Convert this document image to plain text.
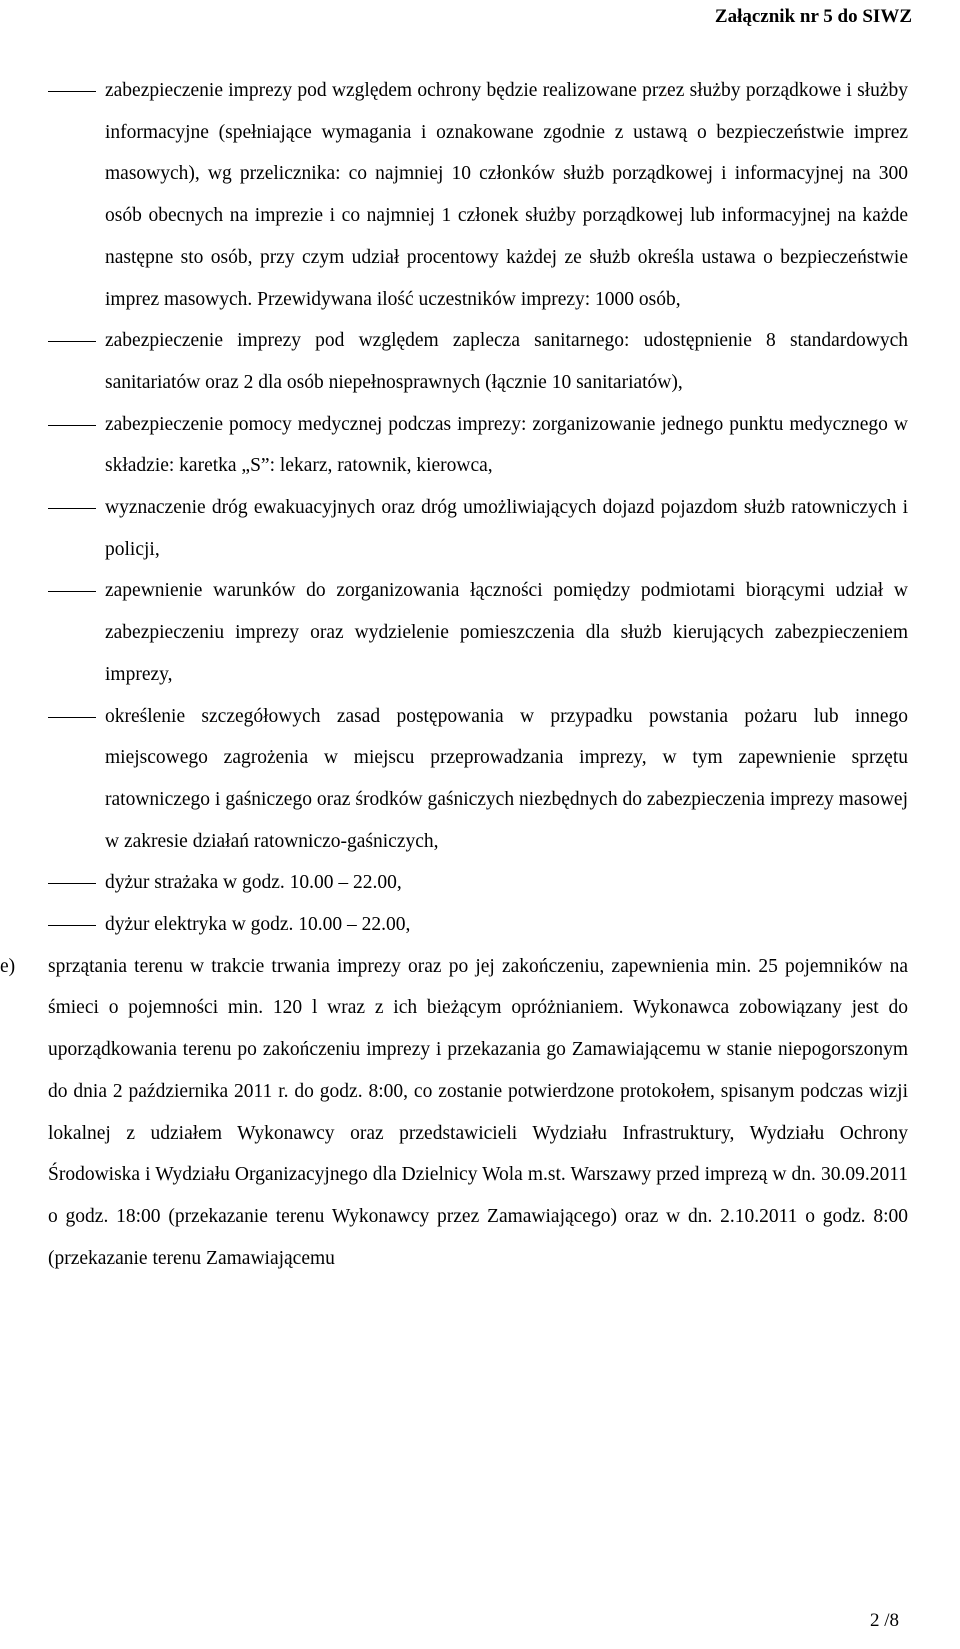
Załącznik nr 5 do SIWZ
zabezpieczenie imprezy pod względem ochrony będzie realizowane przez służby porządkowe i służby informacyjne (spełniające wymagania i oznakowane zgodnie z ustawą o bezpieczeństwie imprez masowych), wg przelicznika: co najmniej 10 członków służb porządkowej i informacyjnej na 300 osób obecnych na imprezie i co najmniej 1 członek służby porządkowej lub informacyjnej na każde następne sto osób, przy czym udział procentowy każdej ze służb określa ustawa o bezpieczeństwie imprez masowych. Przewidywana ilość uczestników imprezy: 1000 osób,
zabezpieczenie imprezy pod względem zaplecza sanitarnego: udostępnienie 8 standardowych sanitariatów oraz 2 dla osób niepełnosprawnych (łącznie 10 sanitariatów),
zabezpieczenie pomocy medycznej podczas imprezy: zorganizowanie jednego punktu medycznego w składzie: karetka „S”: lekarz, ratownik, kierowca,
wyznaczenie dróg ewakuacyjnych oraz dróg umożliwiających dojazd pojazdom służb ratowniczych i policji,
zapewnienie warunków do zorganizowania łączności pomiędzy podmiotami biorącymi udział w zabezpieczeniu imprezy oraz wydzielenie pomieszczenia dla służb kierujących zabezpieczeniem imprezy,
określenie szczegółowych zasad postępowania w przypadku powstania pożaru lub innego miejscowego zagrożenia w miejscu przeprowadzania imprezy, w tym zapewnienie sprzętu ratowniczego i gaśniczego oraz środków gaśniczych niezbędnych do zabezpieczenia imprezy masowej w zakresie działań ratowniczo-gaśniczych,
dyżur strażaka w godz. 10.00 – 22.00,
dyżur elektryka w godz. 10.00 – 22.00,
e) sprzątania terenu w trakcie trwania imprezy oraz po jej zakończeniu, zapewnienia min. 25 pojemników na śmieci o pojemności min. 120 l wraz z ich bieżącym opróżnianiem. Wykonawca zobowiązany jest do uporządkowania terenu po zakończeniu imprezy i przekazania go Zamawiającemu w stanie niepogorszonym do dnia 2 października 2011 r. do godz. 8:00, co zostanie potwierdzone protokołem, spisanym podczas wizji lokalnej z udziałem Wykonawcy oraz przedstawicieli Wydziału Infrastruktury, Wydziału Ochrony Środowiska i Wydziału Organizacyjnego dla Dzielnicy Wola m.st. Warszawy przed imprezą w dn. 30.09.2011 o godz. 18:00 (przekazanie terenu Wykonawcy przez Zamawiającego) oraz w dn. 2.10.2011 o godz. 8:00 (przekazanie terenu Zamawiającemu
2 /8
